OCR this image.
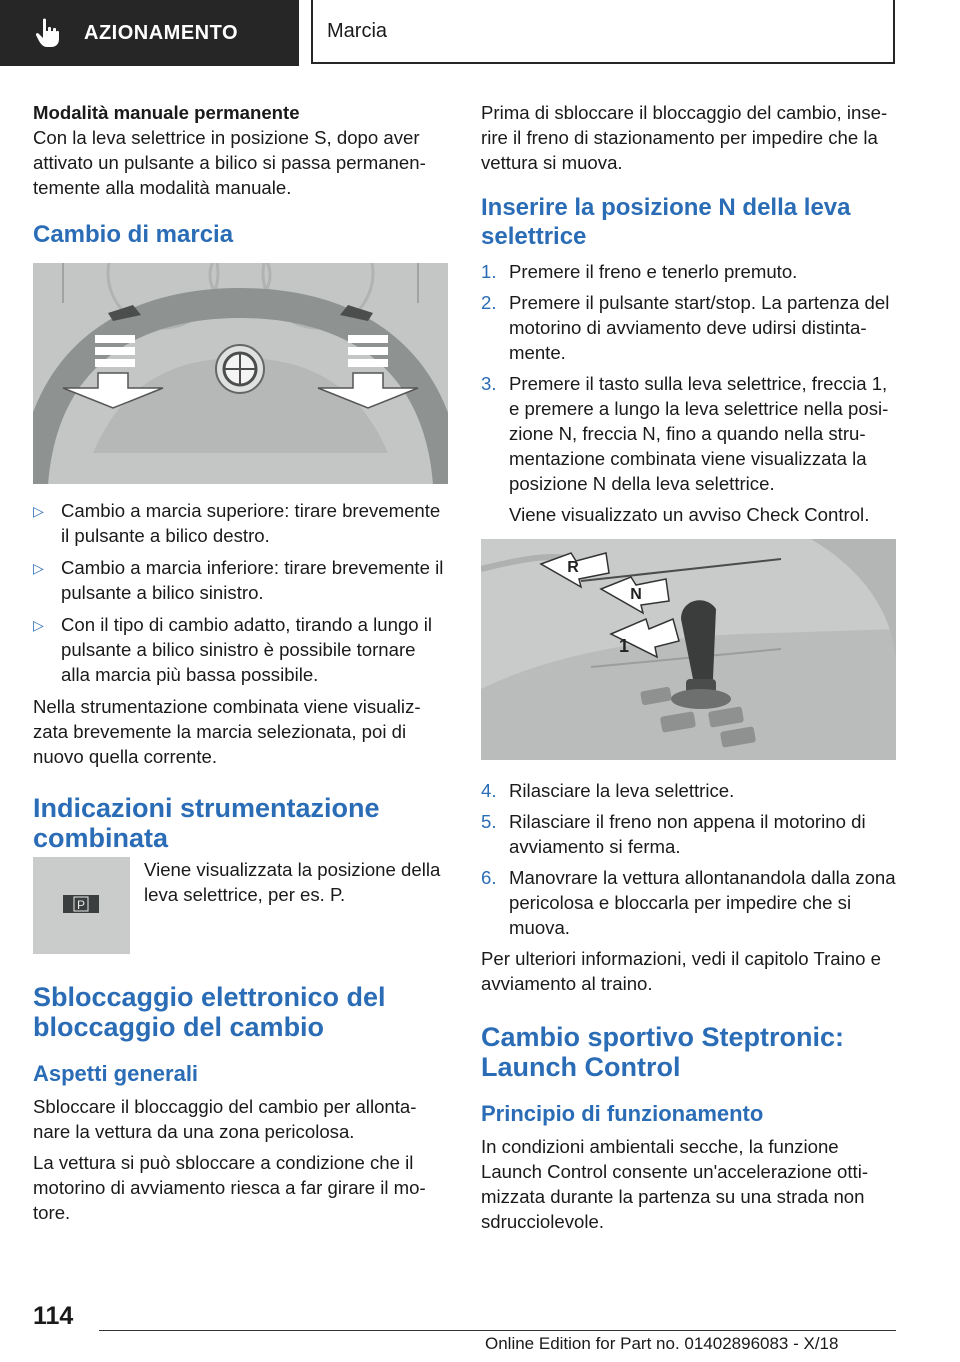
AZIONAMENTO	Marcia

Modalità manuale permanente

Con la leva selettrice in posizione S, dopo aver attivato un pulsante a bilico si passa permanen-temente alla modalità manuale.

Cambio di marcia
▷ Cambio a marcia superiore: tirare brevemente il pulsante a bilico destro.
▷ Cambio a marcia inferiore: tirare brevemente il pulsante a bilico sinistro.
▷ Con il tipo di cambio adatto, tirando a lungo il pulsante a bilico sinistro è possibile tornare alla marcia più bassa possibile.

Nella strumentazione combinata viene visualiz-zata brevemente la marcia selezionata, poi di nuovo quella corrente.

Indicazioni strumentazione combinata
P
Viene visualizzata la posizione della leva selettrice, per es. P.
Sbloccaggio elettronico del bloccaggio del cambio
Aspetti generali

Sbloccare il bloccaggio del cambio per allonta-nare la vettura da una zona pericolosa.

La vettura si può sbloccare a condizione che il motorino di avviamento riesca a far girare il mo-tore.

Prima di sbloccare il bloccaggio del cambio, inse-rire il freno di stazionamento per impedire che la vettura si muova.

Inserire la posizione N della leva selettrice
1. Premere il freno e tenerlo premuto.
2. Premere il pulsante start/stop. La partenza del motorino di avviamento deve udirsi distinta-mente.
3. Premere il tasto sulla leva selettrice, freccia 1, e premere a lungo la leva selettrice nella posi-zione N, freccia N, fino a quando nella stru-mentazione combinata viene visualizzata la posizione N della leva selettrice.

Viene visualizzato un avviso Check Control.

R
N
1
4. Rilasciare la leva selettrice.
5. Rilasciare il freno non appena il motorino di avviamento si ferma.
6. Manovrare la vettura allontanandola dalla zona pericolosa e bloccarla per impedire che si muova.

Per ulteriori informazioni, vedi il capitolo Traino e avviamento al traino.

Cambio sportivo Steptronic: Launch Control
Principio di funzionamento

In condizioni ambientali secche, la funzione Launch Control consente un'accelerazione otti-mizzata durante la partenza su una strada non sdrucciolevole.

114
Online Edition for Part no. 01402896083 - X/18
